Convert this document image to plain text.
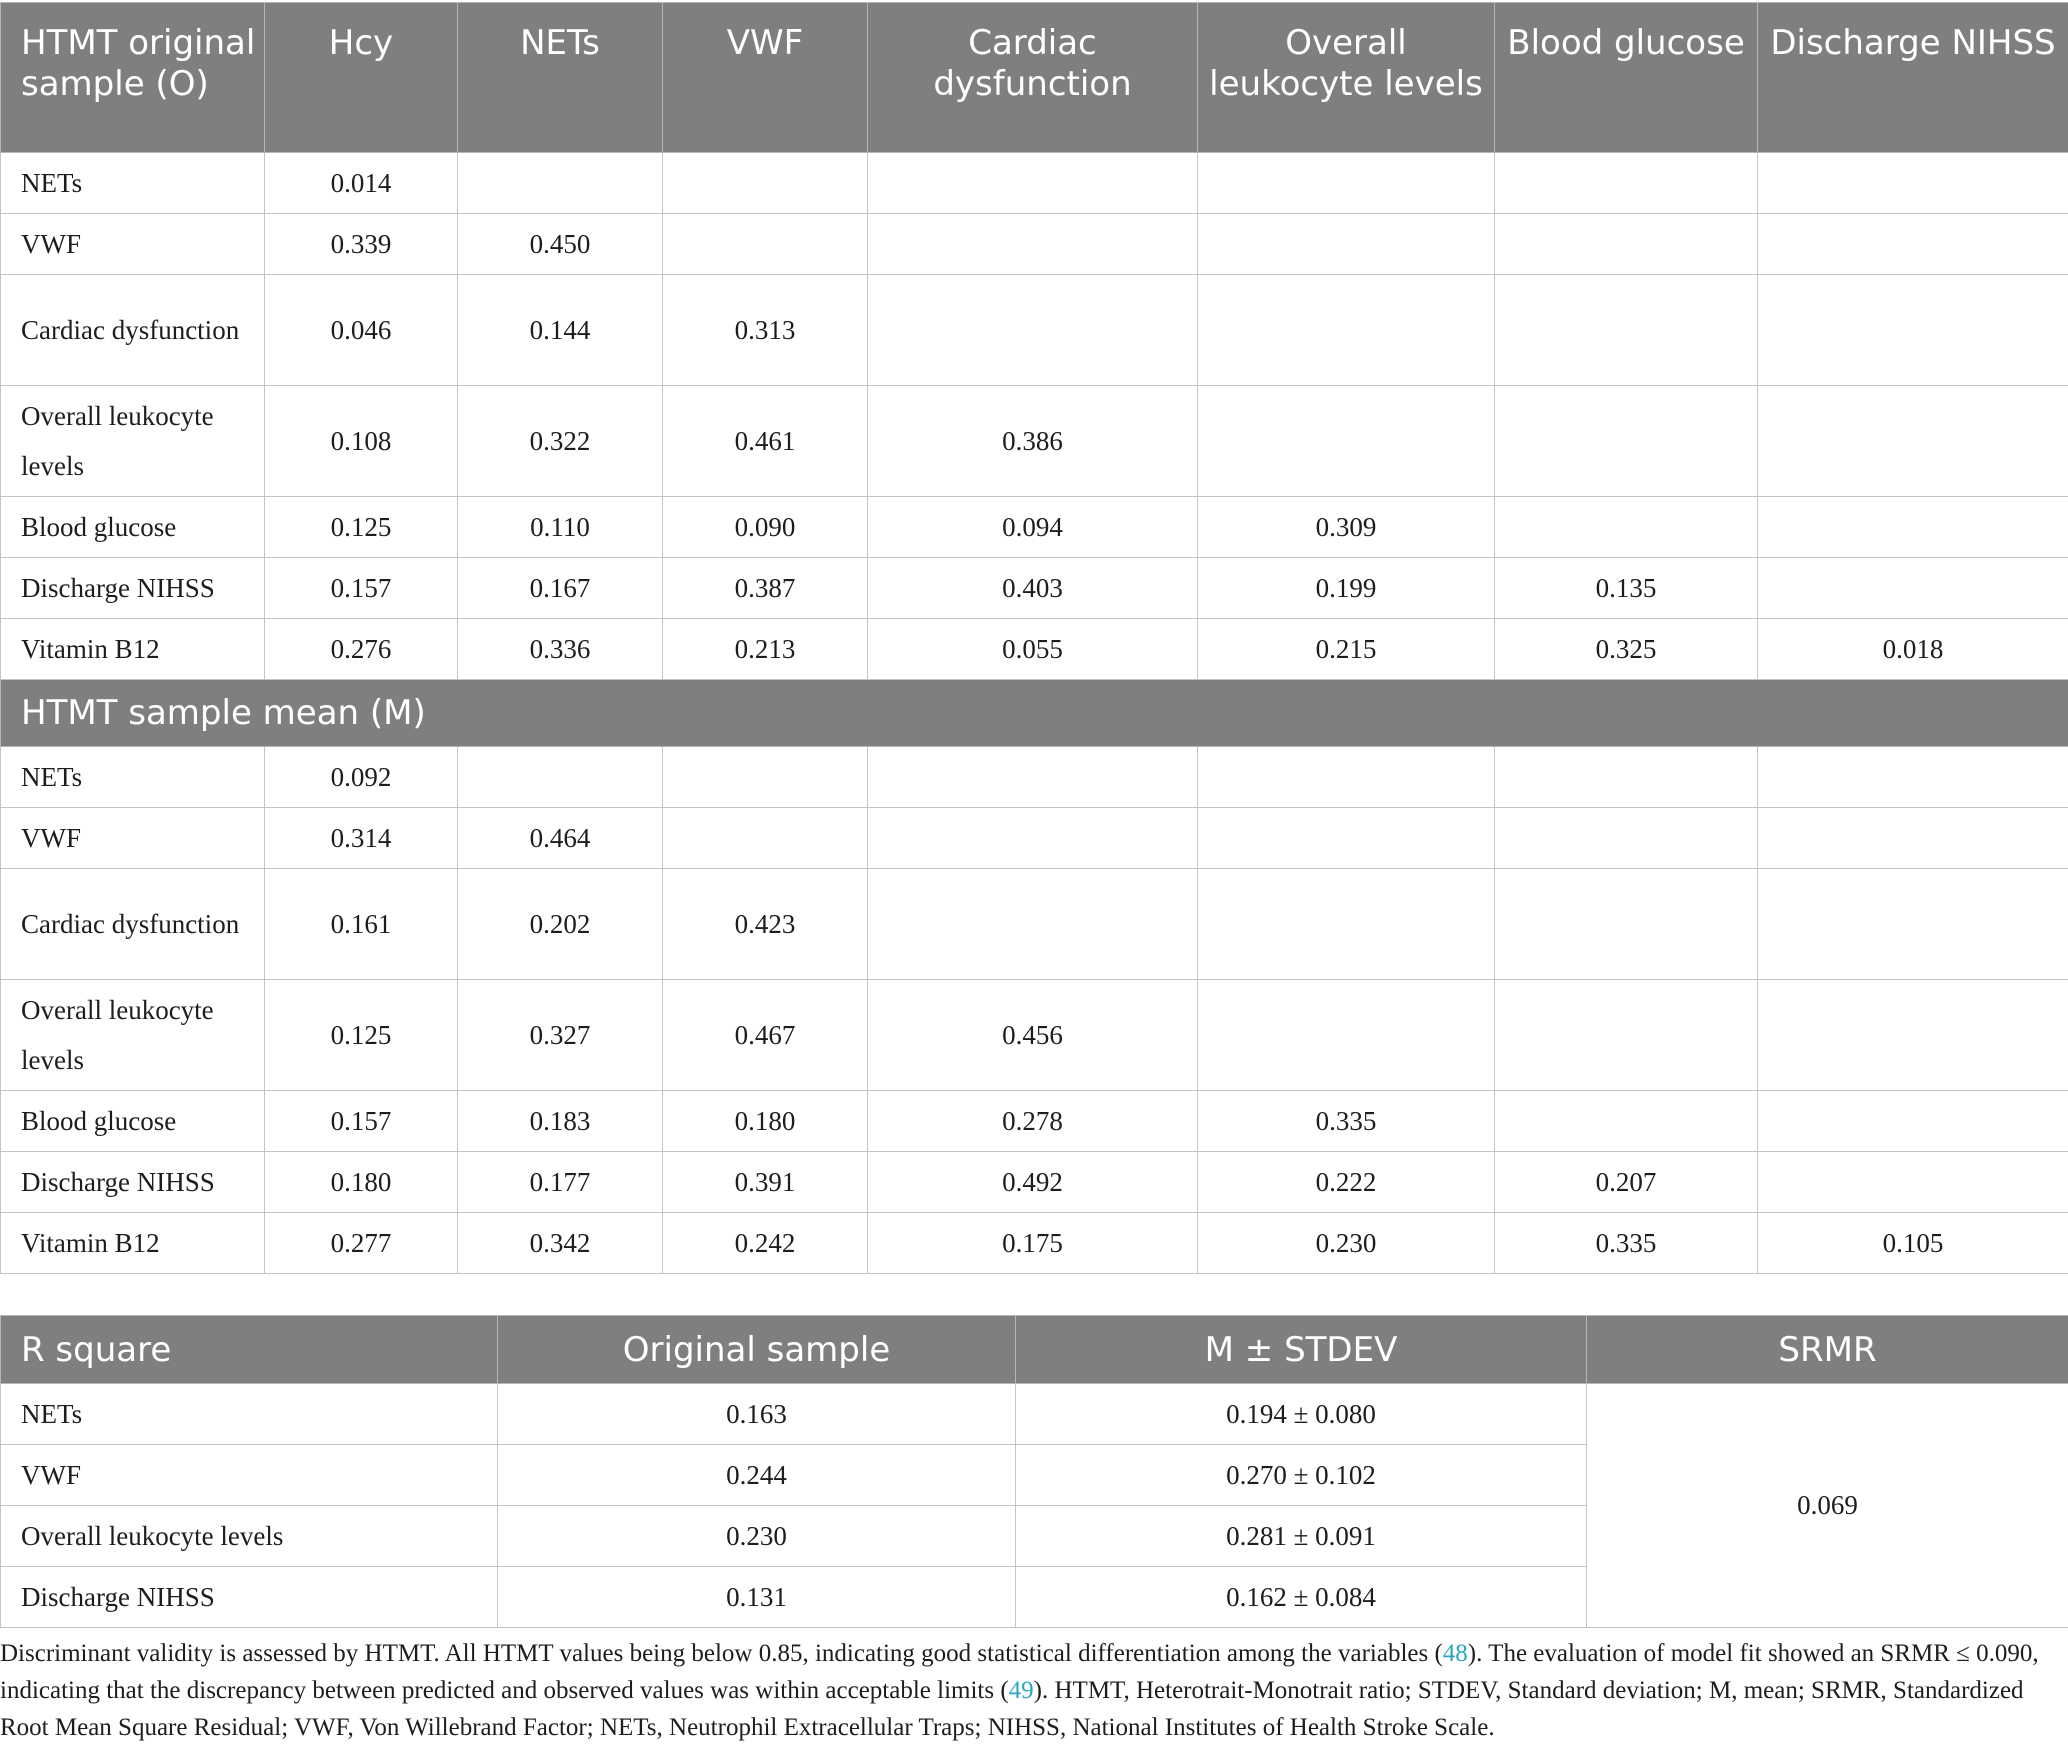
HTMT original sample (O)	Hcy	NETs	VWF	Cardiac dysfunction	Overall leukocyte levels	Blood glucose	Discharge NIHSS
NETs	0.014						
VWF	0.339	0.450					
Cardiac dysfunction	0.046	0.144	0.313				
Overall leukocyte levels	0.108	0.322	0.461	0.386			
Blood glucose	0.125	0.110	0.090	0.094	0.309		
Discharge NIHSS	0.157	0.167	0.387	0.403	0.199	0.135	
Vitamin B12	0.276	0.336	0.213	0.055	0.215	0.325	0.018
HTMT sample mean (M)							
NETs	0.092						
VWF	0.314	0.464					
Cardiac dysfunction	0.161	0.202	0.423				
Overall leukocyte levels	0.125	0.327	0.467	0.456			
Blood glucose	0.157	0.183	0.180	0.278	0.335		
Discharge NIHSS	0.180	0.177	0.391	0.492	0.222	0.207	
Vitamin B12	0.277	0.342	0.242	0.175	0.230	0.335	0.105
R square	Original sample	M ± STDEV	SRMR
NETs	0.163	0.194 ± 0.080	0.069
VWF	0.244	0.270 ± 0.102	
Overall leukocyte levels	0.230	0.281 ± 0.091	
Discharge NIHSS	0.131	0.162 ± 0.084	

Discriminant validity is assessed by HTMT. All HTMT values being below 0.85, indicating good statistical differentiation among the variables (48). The evaluation of model fit showed an SRMR ≤ 0.090, indicating that the discrepancy between predicted and observed values was within acceptable limits (49). HTMT, Heterotrait-Monotrait ratio; STDEV, Standard deviation; M, mean; SRMR, Standardized Root Mean Square Residual; VWF, Von Willebrand Factor; NETs, Neutrophil Extracellular Traps; NIHSS, National Institutes of Health Stroke Scale.
